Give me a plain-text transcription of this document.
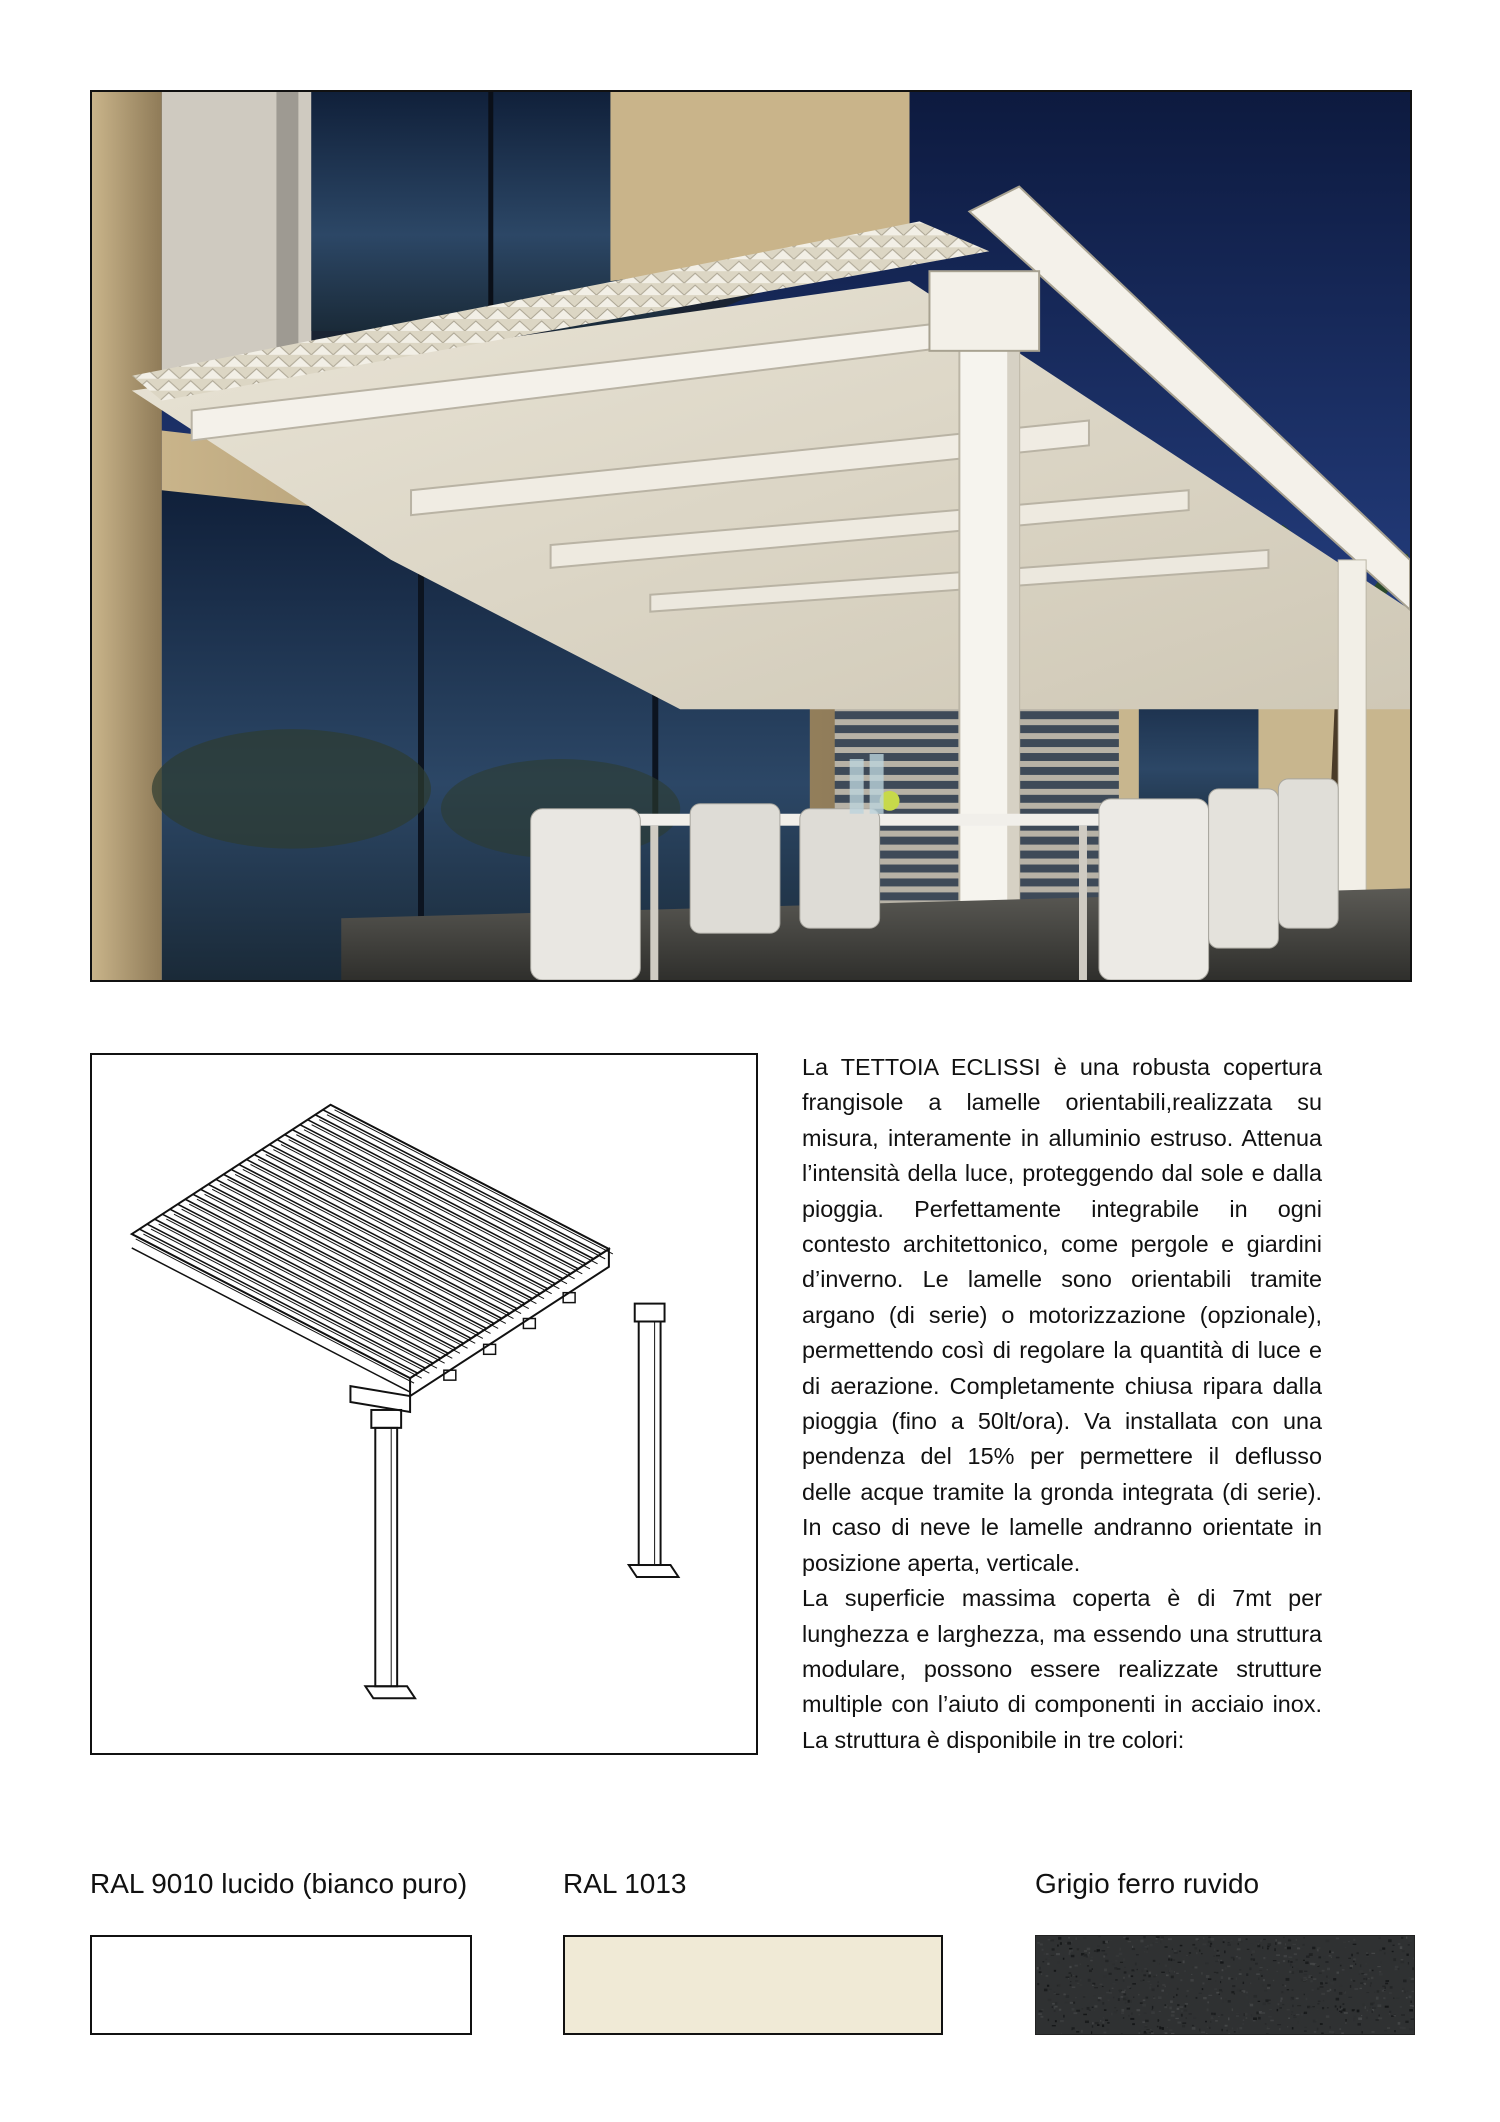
La TETTOIA ECLISSI è una robusta copertura frangisole a lamelle orientabili,realizzata su misura, interamente in alluminio estruso. Attenua l’intensità della luce, proteggendo dal sole e dalla pioggia. Perfettamente integrabile in ogni contesto architettonico, come pergole e giardini d’inverno. Le lamelle sono orientabili tramite argano (di serie) o motorizzazione (opzionale), permettendo così di regolare la quantità di luce e di aerazione. Completamente chiusa ripara dalla pioggia (fino a 50lt/ora). Va installata con una pendenza del 15% per permettere il deflusso delle acque tramite la gronda integrata (di serie). In caso di neve le lamelle andranno orientate in posizione aperta, verticale.

La superficie massima coperta è di 7mt per lunghezza e larghezza, ma essendo una struttura modulare, possono essere realizzate strutture multiple con l’aiuto di componenti in acciaio inox. La struttura è disponibile in tre colori:

RAL 9010 lucido (bianco puro)	RAL 1013	Grigio ferro ruvido
